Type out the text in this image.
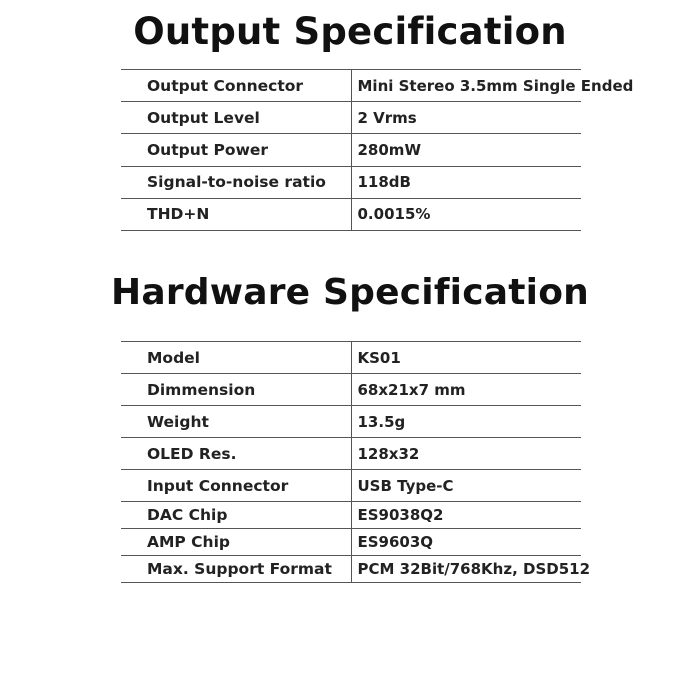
Output Specification
Output Connector	Mini Stereo 3.5mm Single Ended
Output Level	2 Vrms
Output Power	280mW
Signal-to-noise ratio	118dB
THD+N	0.0015%
Hardware Specification
Model	KS01
Dimmension	68x21x7 mm
Weight	13.5g
OLED Res.	128x32
Input Connector	USB Type-C
DAC Chip	ES9038Q2
AMP Chip	ES9603Q
Max. Support Format	PCM 32Bit/768Khz, DSD512
